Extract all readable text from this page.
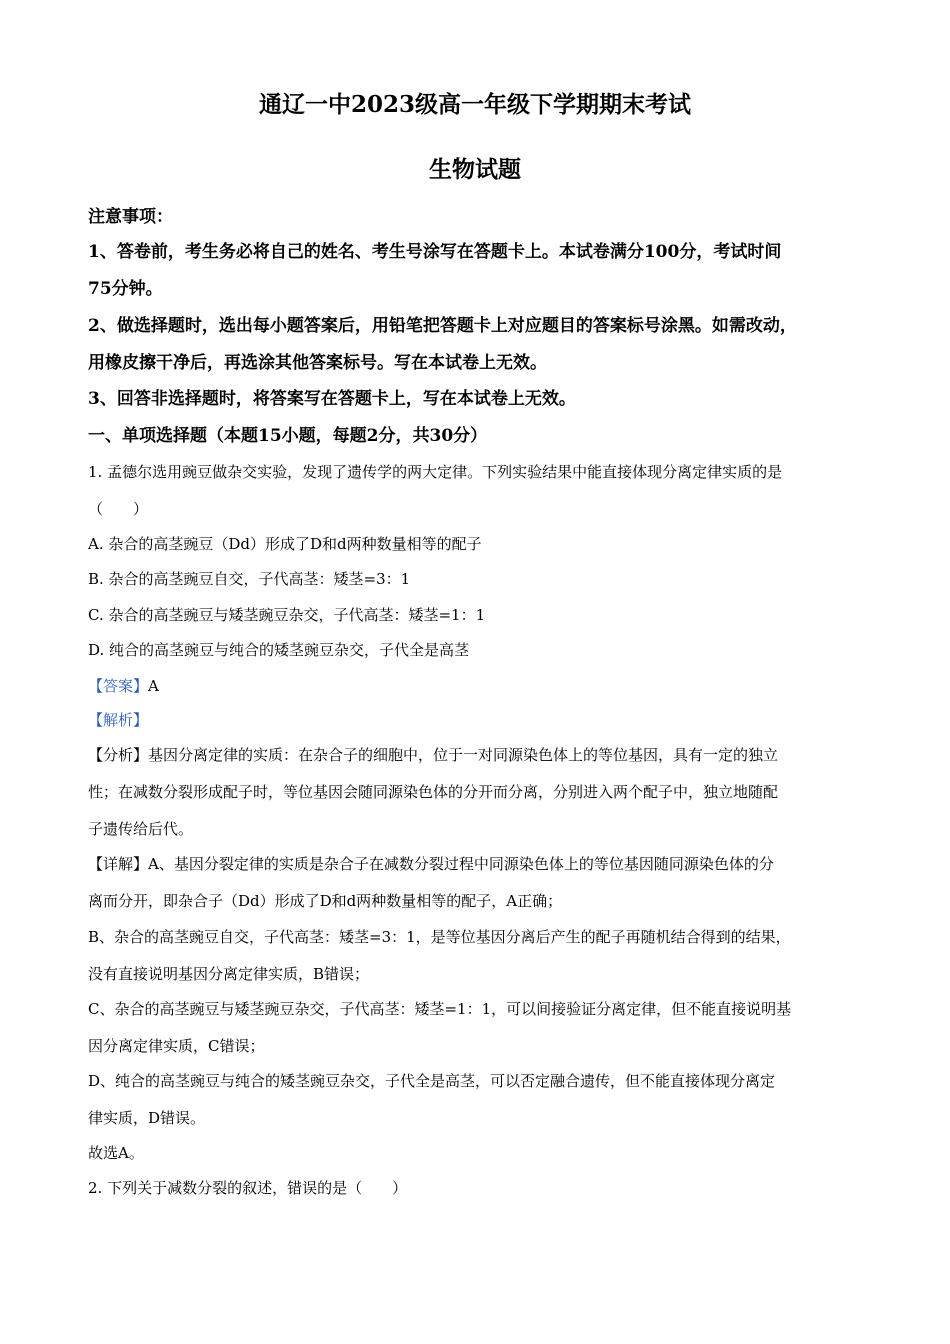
通辽一中2023级高一年级下学期期末考试
生物试题
注意事项：
1、答卷前，考生务必将自己的姓名、考生号涂写在答题卡上。本试卷满分100分，考试时间
75分钟。
2、做选择题时，选出每小题答案后，用铅笔把答题卡上对应题目的答案标号涂黑。如需改动，
用橡皮擦干净后，再选涂其他答案标号。写在本试卷上无效。
3、回答非选择题时，将答案写在答题卡上，写在本试卷上无效。
一、单项选择题（本题15小题，每题2分，共30分）
1. 孟德尔选用豌豆做杂交实验，发现了遗传学的两大定律。下列实验结果中能直接体现分离定律实质的是
（　　）
A. 杂合的高茎豌豆（Dd）形成了D和d两种数量相等的配子
B. 杂合的高茎豌豆自交，子代高茎：矮茎=3：1
C. 杂合的高茎豌豆与矮茎豌豆杂交，子代高茎：矮茎=1：1
D. 纯合的高茎豌豆与纯合的矮茎豌豆杂交，子代全是高茎
【答案】A
【解析】
【分析】基因分离定律的实质：在杂合子的细胞中，位于一对同源染色体上的等位基因，具有一定的独立
性；在减数分裂形成配子时，等位基因会随同源染色体的分开而分离，分别进入两个配子中，独立地随配
子遗传给后代。
【详解】A、基因分裂定律的实质是杂合子在减数分裂过程中同源染色体上的等位基因随同源染色体的分
离而分开，即杂合子（Dd）形成了D和d两种数量相等的配子，A正确；
B、杂合的高茎豌豆自交，子代高茎：矮茎=3：1，是等位基因分离后产生的配子再随机结合得到的结果，
没有直接说明基因分离定律实质，B错误；
C、杂合的高茎豌豆与矮茎豌豆杂交，子代高茎：矮茎=1：1，可以间接验证分离定律，但不能直接说明基
因分离定律实质，C错误；
D、纯合的高茎豌豆与纯合的矮茎豌豆杂交，子代全是高茎，可以否定融合遗传，但不能直接体现分离定
律实质，D错误。
故选A。
2. 下列关于减数分裂的叙述，错误的是（　　）
